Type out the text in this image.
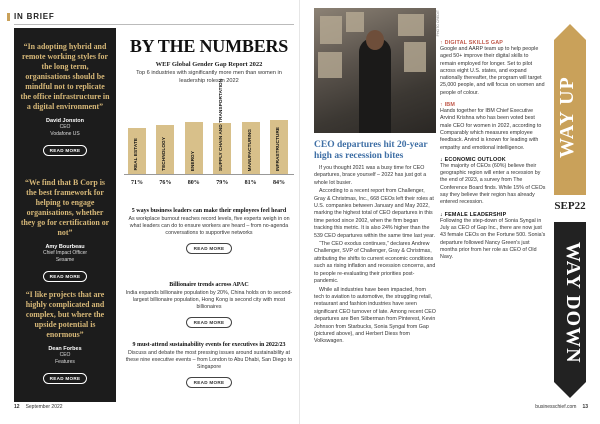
IN BRIEF
“In adopting hybrid and remote working styles for the long term, organisations should be mindful not to replicate the office infrastructure in a digital environment”
David Jonston
CEO
Vodafone US
READ MORE
“We find that B Corp is the best framework for helping to engage organisations, whether they go for certification or not”
Amy Bourbeau
Chief Impact Officer
Sesame
READ MORE
“I like projects that are highly complicated and complex, but where the upside potential is enormous”
Dean Forbes
CEO
Features
READ MORE
BY THE NUMBERS
WEF Global Gender Gap Report 2022
Top 6 industries with significantly more men than women in leadership roles in 2022
REAL ESTATE
71%
TECHNOLOGY
76%
ENERGY
80%
SUPPLY CHAIN AND TRANSPORTATION
79%
MANUFACTURING
81%
INFRASTRUCTURE
84%
5 ways business leaders can make their employees feel heard
As workplace burnout reaches record levels, five experts weigh in on what leaders can do to ensure workers are heard – from no-agenda conversations to supportive networks
READ MORE
Billionaire trends across APAC
India expands billionaire population by 20%, China holds on to second-largest billionaire population, Hong Kong is second city with most billionaires
READ MORE
9 must-attend sustainability events for executives in 2022/23
Discuss and debate the most pressing issues around sustainability at these nine executive events – from London to Abu Dhabi, San Diego to Singapore
READ MORE
12 September 2022
PHOTO CREDIT
CEO departures hit 20-year high as recession bites

If you thought 2021 was a busy time for CEO departures, brace yourself – 2022 has just got a whole lot busier.

According to a recent report from Challenger, Gray & Christmas, Inc., 668 CEOs left their roles at U.S. companies between January and May 2022, marking the highest total of CEO departures in this time period since 2002, when the firm began tracking this metric. It is also 24% higher than the 539 CEO departures within the same time last year.

“The CEO exodus continues,” declares Andrew Challenger, SVP of Challenger, Gray & Christmas, attributing the shifts to current economic conditions such as rising inflation and recession concerns, and to people re-evaluating their priorities post-pandemic.

While all industries have been impacted, from tech to aviation to automotive, the struggling retail, restaurant and fashion industries have seen significant CEO turnover of late. Among recent CEO departures are Ben Silberman from Pinterest, Kevin Johnson from Starbucks, Sonia Syngal from Gap (pictured above), and Herbert Diess from Volkswagen.

↑ DIGITAL SKILLS GAP
Google and AARP team up to help people aged 50+ improve their digital skills to remain employed for longer. Set to pilot across eight U.S. states, and expand nationally thereafter, the program will target 25,000 people, and will focus on women and people of colour.
↑ IBM
Hands together for IBM Chief Executive Arvind Krishna who has been voted best male CEO for women in 2022, according to Comparably which measures employee feedback. Arvind is known for leading with empathy and emotional intelligence.
↓ ECONOMIC OUTLOOK
The majority of CEOs (60%) believe their geographic region will enter a recession by the end of 2023, a survey from The Conference Board finds. While 15% of CEOs say they believe their region has already entered recession.
↓ FEMALE LEADERSHIP
Following the step-down of Sonia Syngal in July as CEO of Gap Inc., there are now just 43 female CEOs on the Fortune 500. Sonia's departure followed Nancy Green's just months prior from her role as CEO of Old Navy.
WAY UP
SEP22
WAY DOWN
businesschief.com 13
